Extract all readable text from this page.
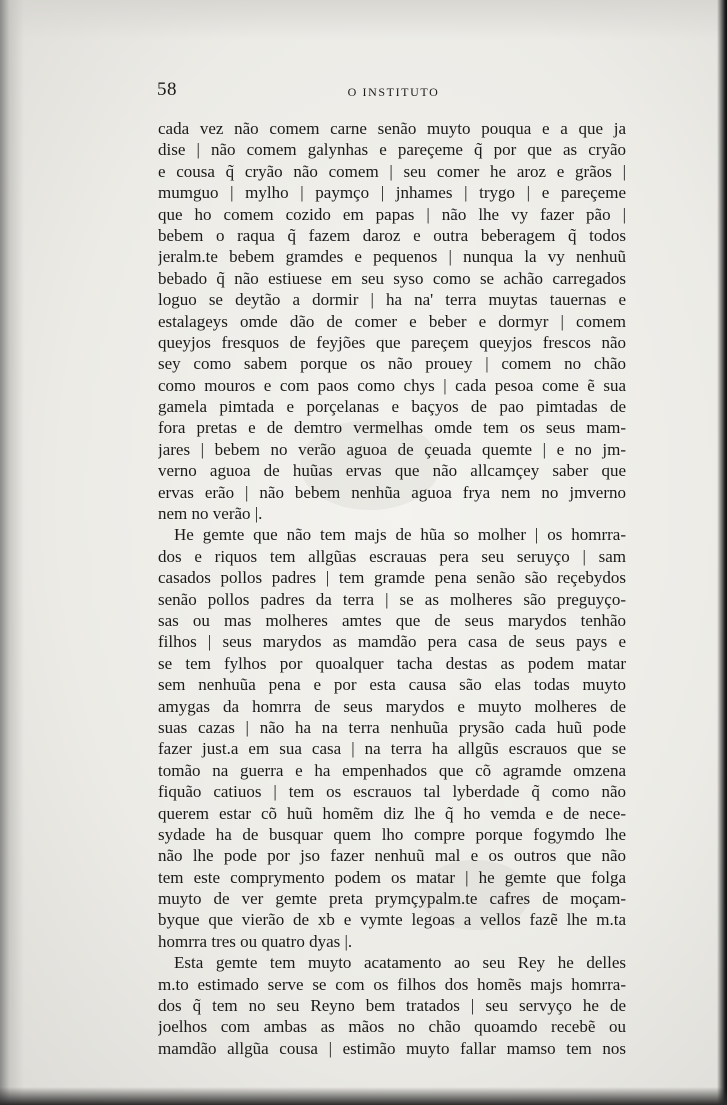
58	O INSTITUTO
cada vez não comem carne senão muyto pouqua e a que ja
dise | não comem galynhas e pareçeme q̃ por que as cryão
e cousa q̃ cryão não comem | seu comer he aroz e grãos |
mumguo | mylho | paymço | jnhames | trygo | e pareçeme
que ho comem cozido em papas | não lhe vy fazer pão |
bebem o raqua q̃ fazem daroz e outra beberagem q̃ todos
jeralm.te bebem gramdes e pequenos | nunqua la vy nenhuũ
bebado q̃ não estiuese em seu syso como se achão carregados
loguo se deytão a dormir | ha na' terra muytas tauernas e
estalageys omde dão de comer e beber e dormyr | comem
queyjos fresquos de feyjões que pareçem queyjos frescos não
sey como sabem porque os não prouey | comem no chão
como mouros e com paos como chys | cada pesoa come ẽ sua
gamela pimtada e porçelanas e baçyos de pao pimtadas de
fora pretas e de demtro vermelhas omde tem os seus mam-
jares | bebem no verão aguoa de çeuada quemte | e no jm-
verno aguoa de huũas ervas que não allcamçey saber que
ervas erão | não bebem nenhũa aguoa frya nem no jmverno
nem no verão |.
He gemte que não tem majs de hũa so molher | os homrra-
dos e riquos tem allgũas escrauas pera seu seruyço | sam
casados pollos padres | tem gramde pena senão são reçebydos
senão pollos padres da terra | se as molheres são preguyço-
sas ou mas molheres amtes que de seus marydos tenhão
filhos | seus marydos as mamdão pera casa de seus pays e
se tem fylhos por quoalquer tacha destas as podem matar
sem nenhuũa pena e por esta causa são elas todas muyto
amygas da homrra de seus marydos e muyto molheres de
suas cazas | não ha na terra nenhuũa prysão cada huũ pode
fazer just.a em sua casa | na terra ha allgũs escrauos que se
tomão na guerra e ha empenhados que cõ agramde omzena
fiquão catiuos | tem os escrauos tal lyberdade q̃ como não
querem estar cõ huũ homẽm diz lhe q̃ ho vemda e de nece-
sydade ha de busquar quem lho compre porque fogymdo lhe
não lhe pode por jso fazer nenhuũ mal e os outros que não
tem este comprymento podem os matar | he gemte que folga
muyto de ver gemte preta prymçypalm.te cafres de moçam-
byque que vierão de xb e vymte legoas a vellos fazẽ lhe m.ta
homrra tres ou quatro dyas |.
Esta gemte tem muyto acatamento ao seu Rey he delles
m.to estimado serve se com os filhos dos homẽs majs homrra-
dos q̃ tem no seu Reyno bem tratados | seu servyço he de
joelhos com ambas as mãos no chão quoamdo recebẽ ou
mamdão allgũa cousa | estimão muyto fallar mamso tem nos
